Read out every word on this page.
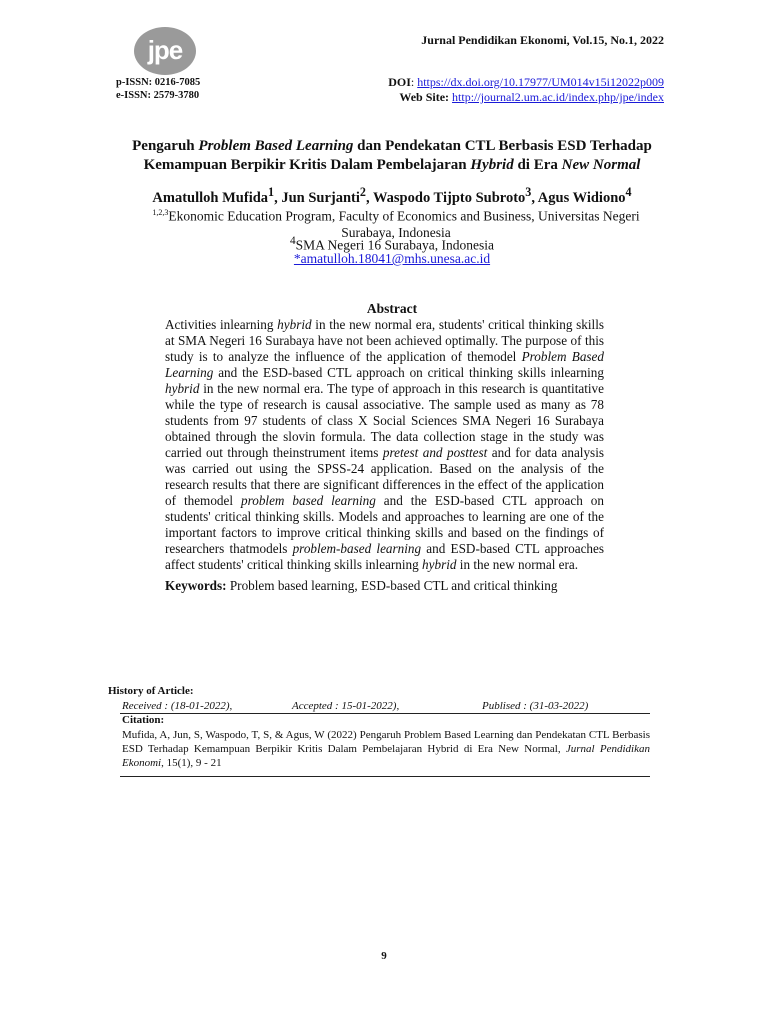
jpe	Jurnal Pendidikan Ekonomi, Vol.15, No.1, 2022
p-ISSN: 0216-7085
e-ISSN: 2579-3780
DOI: https://dx.doi.org/10.17977/UM014v15i12022p009
Web Site: http://journal2.um.ac.id/index.php/jpe/index
Pengaruh Problem Based Learning dan Pendekatan CTL Berbasis ESD Terhadap Kemampuan Berpikir Kritis Dalam Pembelajaran Hybrid di Era New Normal
Amatulloh Mufida$^1$, Jun Surjanti$^2$, Waspodo Tijpto Subroto$^3$, Agus Widiono$^4$
$^{1,2,3}$Ekonomic Education Program, Faculty of Economics and Business, Universitas Negeri Surabaya, Indonesia
$^4$SMA Negeri 16 Surabaya, Indonesia
*amatulloh.18041@mhs.unesa.ac.id
Abstract
Activities inlearning hybrid in the new normal era, students' critical thinking skills at SMA Negeri 16 Surabaya have not been achieved optimally. The purpose of this study is to analyze the influence of the application of themodel Problem Based Learning and the ESD-based CTL approach on critical thinking skills inlearning hybrid in the new normal era. The type of approach in this research is quantitative while the type of research is causal associative. The sample used as many as 78 students from 97 students of class X Social Sciences SMA Negeri 16 Surabaya obtained through the slovin formula. The data collection stage in the study was carried out through theinstrument items pretest and posttest and for data analysis was carried out using the SPSS-24 application. Based on the analysis of the research results that there are significant differences in the effect of the application of themodel problem based learning and the ESD-based CTL approach on students' critical thinking skills. Models and approaches to learning are one of the important factors to improve critical thinking skills and based on the findings of researchers thatmodels problem-based learning and ESD-based CTL approaches affect students' critical thinking skills inlearning hybrid in the new normal era.
Keywords: Problem based learning, ESD-based CTL and critical thinking
History of Article:
Received : (18-01-2022),	Accepted : 15-01-2022),	Publised : (31-03-2022)
Citation:
Mufida, A, Jun, S, Waspodo, T, S, & Agus, W (2022) Pengaruh Problem Based Learning dan Pendekatan CTL Berbasis ESD Terhadap Kemampuan Berpikir Kritis Dalam Pembelajaran Hybrid di Era New Normal, Jurnal Pendidikan Ekonomi, 15(1), 9 - 21
9
